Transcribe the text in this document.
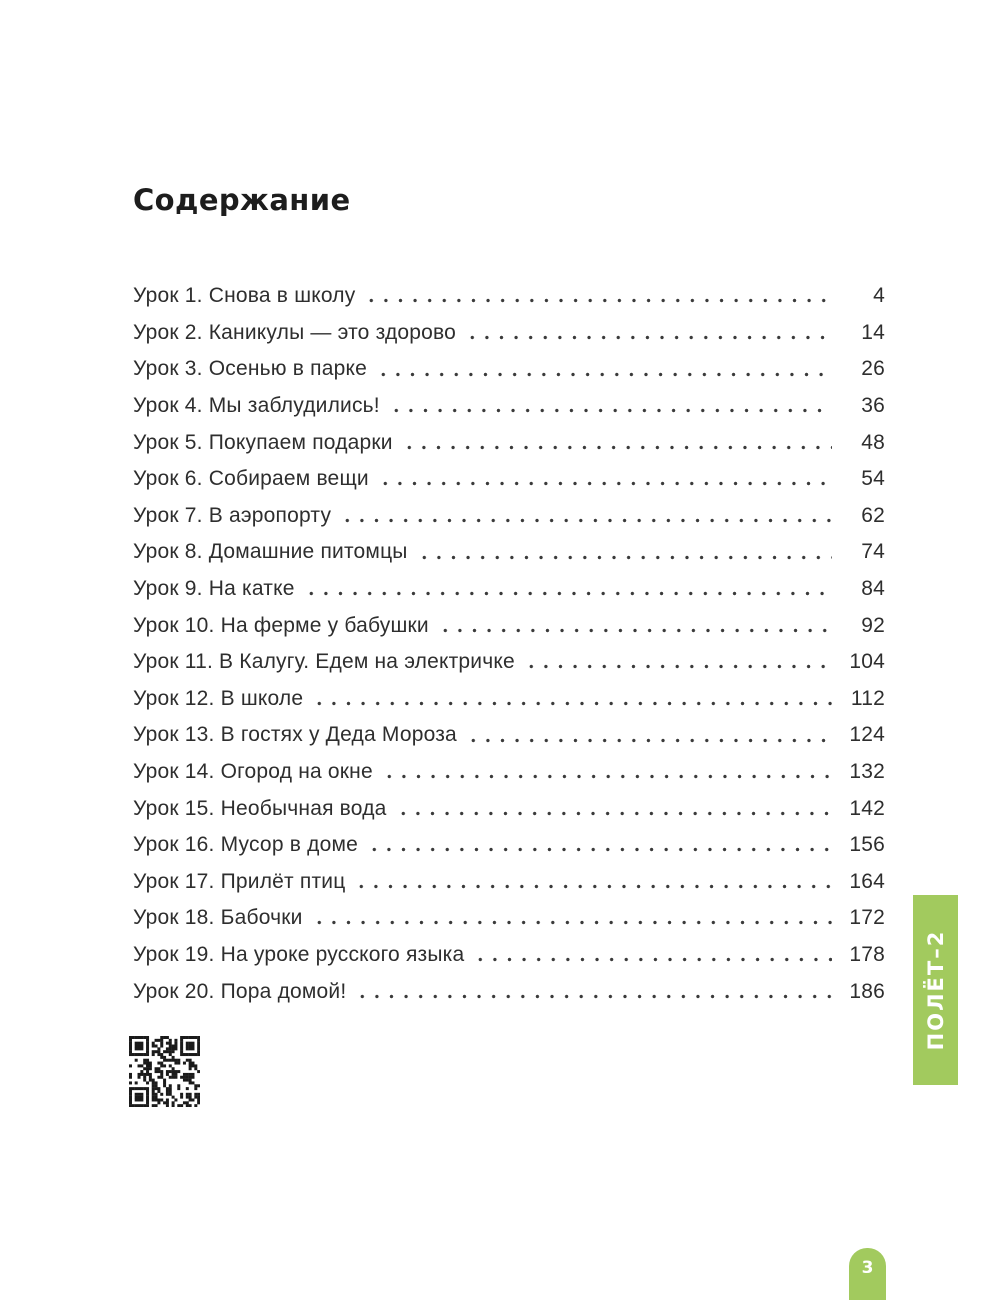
Содержание
Урок 1. Снова в школу	4
Урок 2. Каникулы — это здорово	14
Урок 3. Осенью в парке	26
Урок 4. Мы заблудились!	36
Урок 5. Покупаем подарки	48
Урок 6. Собираем вещи	54
Урок 7. В аэропорту	62
Урок 8. Домашние питомцы	74
Урок 9. На катке	84
Урок 10. На ферме у бабушки	92
Урок 11. В Калугу. Едем на электричке	104
Урок 12. В школе	112
Урок 13. В гостях у Деда Мороза	124
Урок 14. Огород на окне	132
Урок 15. Необычная вода	142
Урок 16. Мусор в доме	156
Урок 17. Прилёт птиц	164
Урок 18. Бабочки	172
Урок 19. На уроке русского языка	178
Урок 20. Пора домой!	186 ПОЛЁТ–2
3
